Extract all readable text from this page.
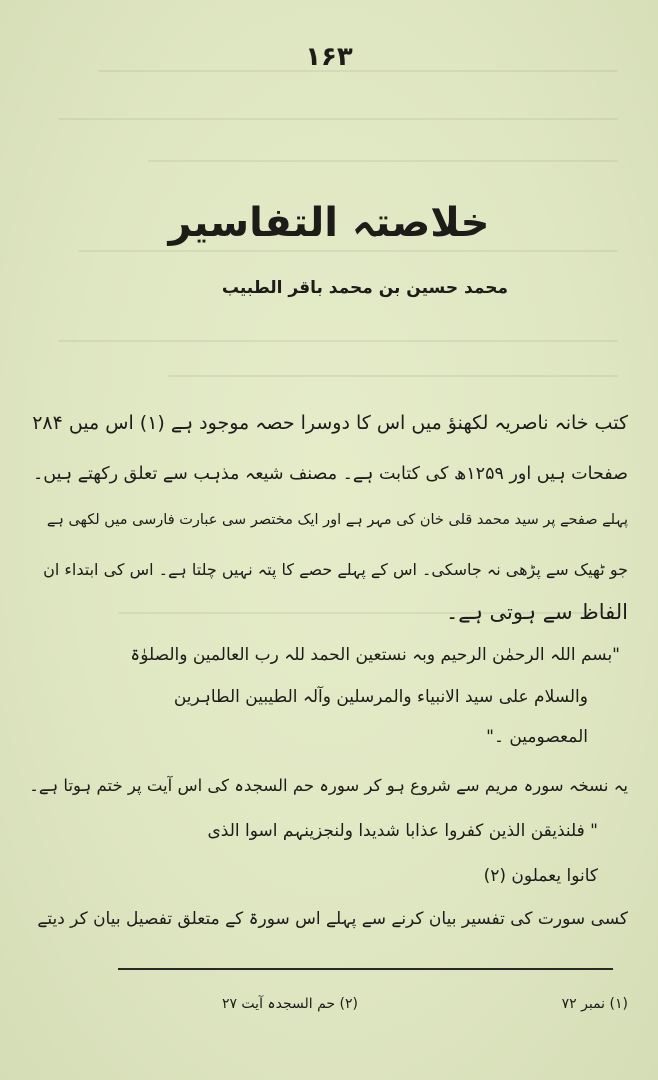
۱۶۳
خلاصتہ التفاسیر
محمد حسین بن محمد باقر الطبیب
کتب خانہ ناصریہ لکھنؤ میں اس کا دوسرا حصہ موجود ہے (۱) اس میں ۲۸۴
صفحات ہیں اور ۱۲۵۹ھ کی کتابت ہے۔ مصنف شیعہ مذہب سے تعلق رکھتے ہیں۔
پہلے صفحے پر سید محمد قلی خان کی مہر ہے اور ایک مختصر سی عبارت فارسی میں لکھی ہے
جو ٹھیک سے پڑھی نہ جاسکی۔ اس کے پہلے حصے کا پتہ نہیں چلتا ہے۔ اس کی ابتداء ان
الفاظ سے ہوتی ہے۔
"بسم اللہ الرحمٰن الرحیم وبہ نستعین الحمد للہ رب العالمین والصلوٰۃ
والسلام علی سید الانبیاء والمرسلین وآلہ الطیبین الطاہرین
المعصومین ۔"
یہ نسخہ سورہ مریم سے شروع ہو کر سورہ حم السجدہ کی اس آیت پر ختم ہوتا ہے۔
" فلنذیقن الذین کفروا عذابا شدیدا ولنجزینہم اسوا الذی
کانوا یعملون (۲)
کسی سورت کی تفسیر بیان کرنے سے پہلے اس سورۃ کے متعلق تفصیل بیان کر دیتے
(۱) نمبر ۷۲
(۲) حم السجدہ آیت ۲۷
